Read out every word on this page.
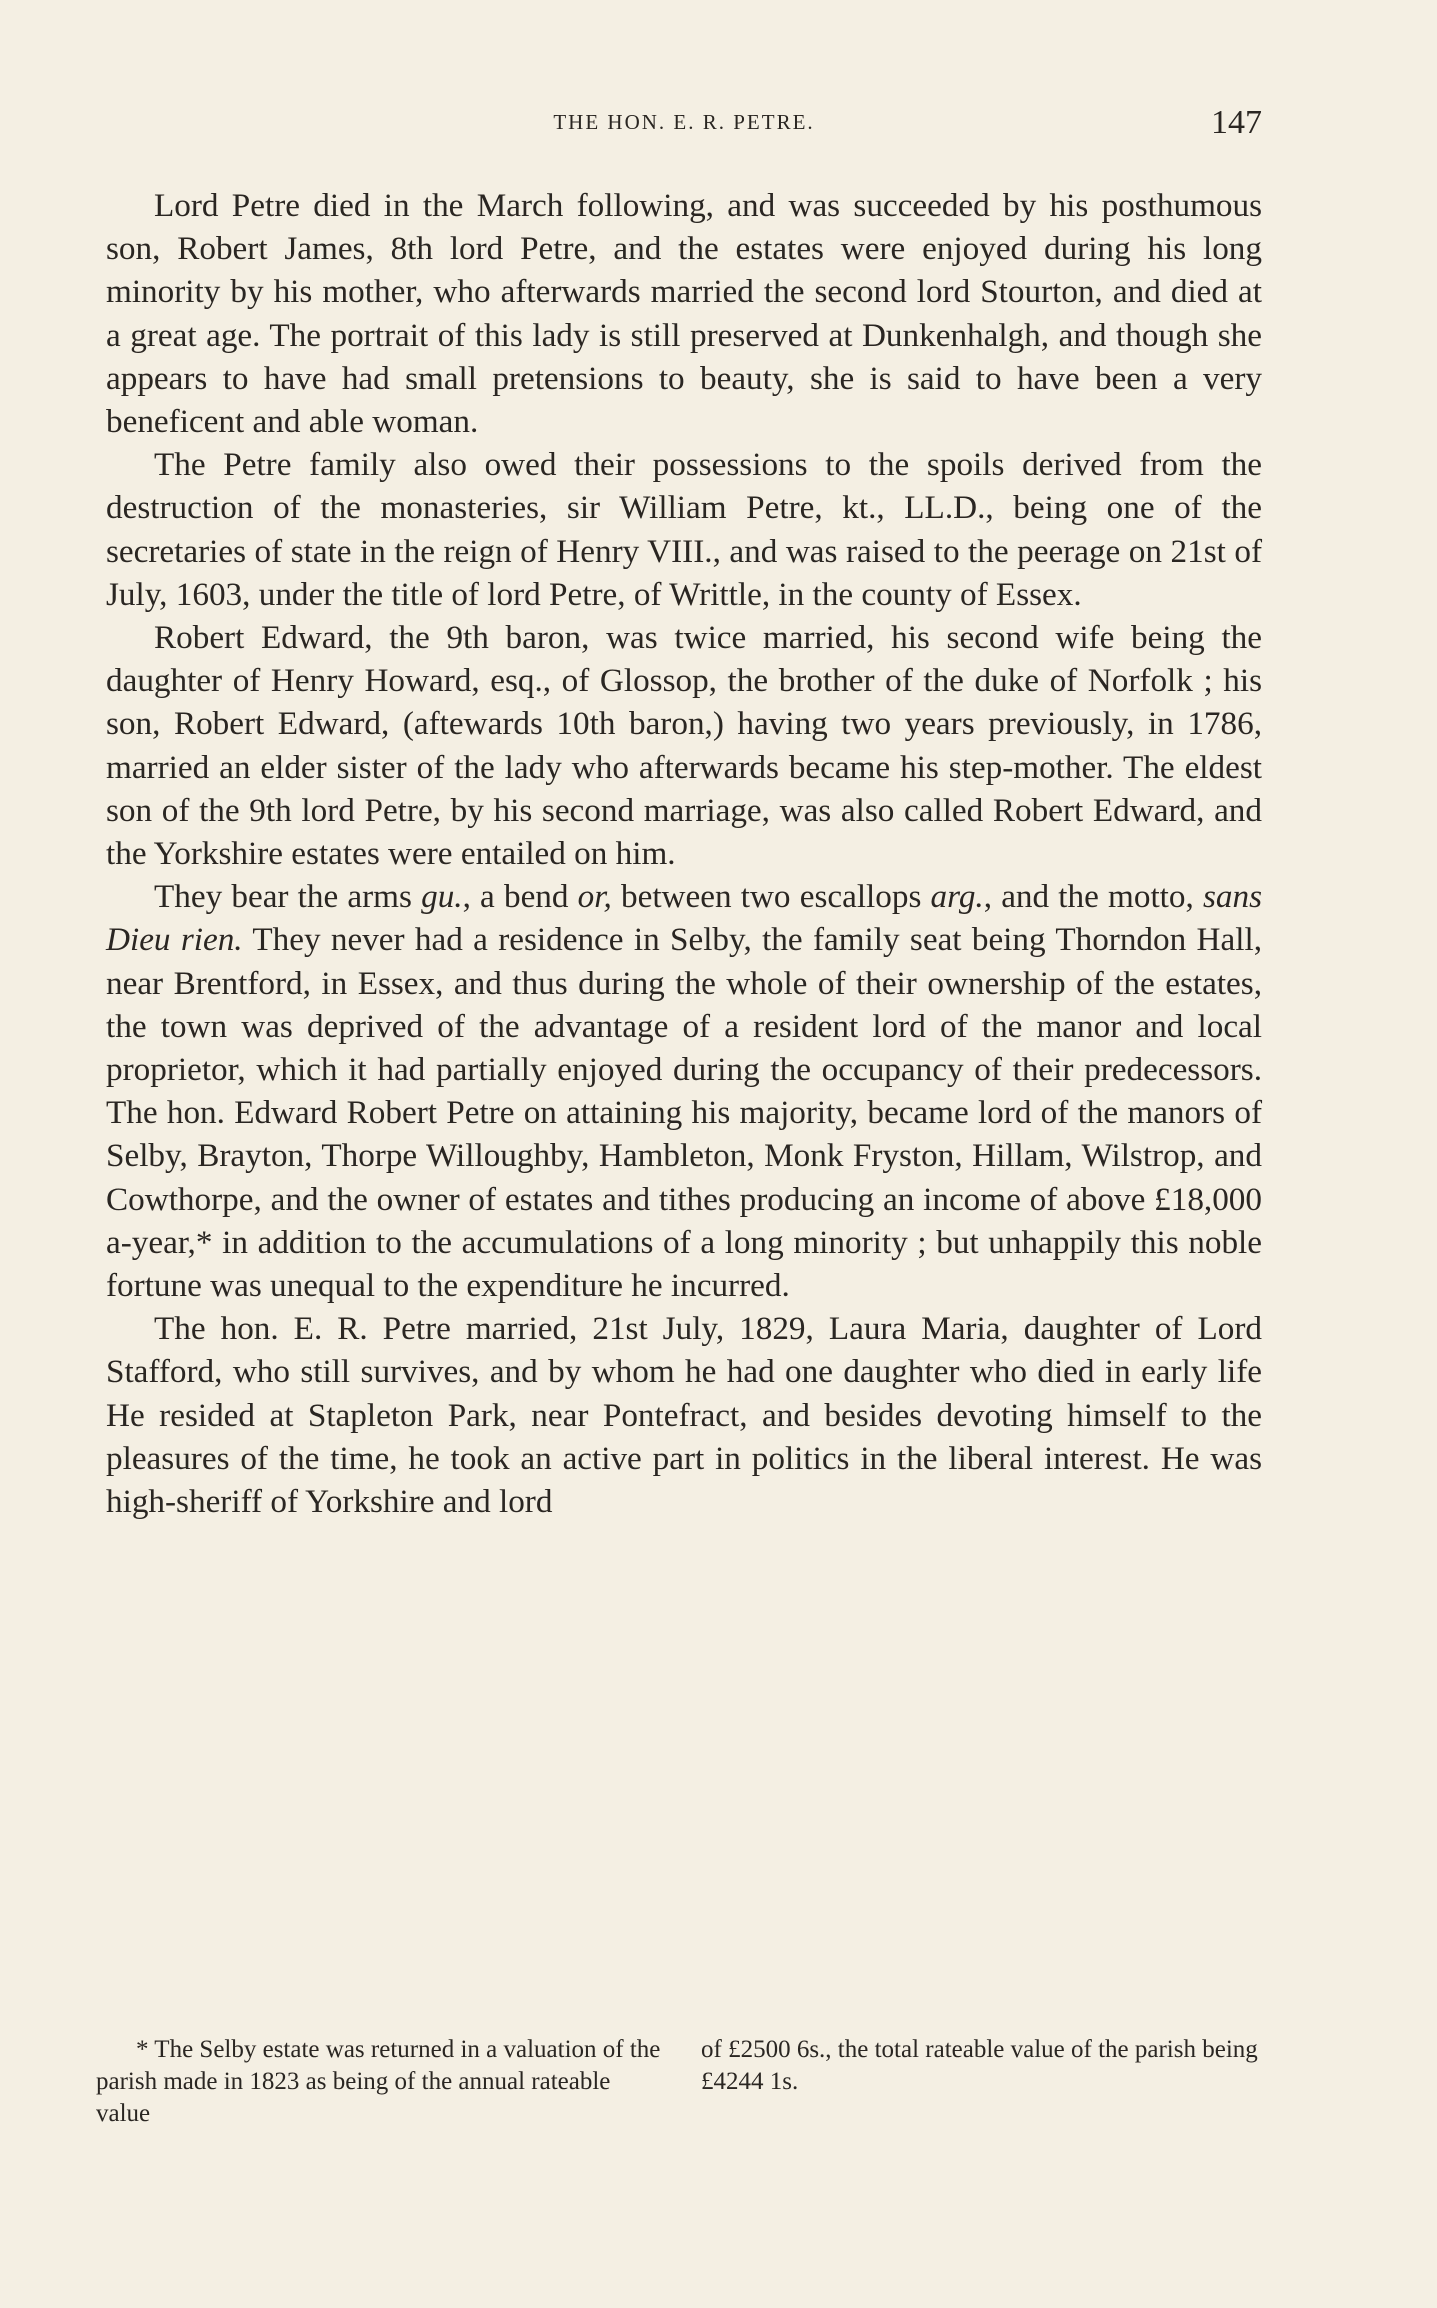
THE HON. E. R. PETRE.	147

Lord Petre died in the March following, and was succeeded by his posthumous son, Robert James, 8th lord Petre, and the estates were enjoyed during his long minority by his mother, who afterwards married the second lord Stourton, and died at a great age. The portrait of this lady is still preserved at Dunkenhalgh, and though she appears to have had small pretensions to beauty, she is said to have been a very beneficent and able woman.

The Petre family also owed their possessions to the spoils derived from the destruction of the monasteries, sir William Petre, kt., LL.D., being one of the secretaries of state in the reign of Henry VIII., and was raised to the peerage on 21st of July, 1603, under the title of lord Petre, of Writtle, in the county of Essex.

Robert Edward, the 9th baron, was twice married, his second wife being the daughter of Henry Howard, esq., of Glossop, the brother of the duke of Norfolk ; his son, Robert Edward, (aftewards 10th baron,) having two years previously, in 1786, married an elder sister of the lady who afterwards became his step-mother. The eldest son of the 9th lord Petre, by his second marriage, was also called Robert Edward, and the Yorkshire estates were entailed on him.

They bear the arms gu., a bend or, between two escallops arg., and the motto, sans Dieu rien. They never had a residence in Selby, the family seat being Thorndon Hall, near Brentford, in Essex, and thus during the whole of their ownership of the estates, the town was deprived of the advantage of a resident lord of the manor and local proprietor, which it had partially enjoyed during the occupancy of their predecessors. The hon. Edward Robert Petre on attaining his majority, became lord of the manors of Selby, Brayton, Thorpe Willoughby, Hambleton, Monk Fryston, Hillam, Wilstrop, and Cowthorpe, and the owner of estates and tithes producing an income of above £18,000 a-year,* in addition to the accumulations of a long minority ; but unhappily this noble fortune was unequal to the expenditure he incurred.

The hon. E. R. Petre married, 21st July, 1829, Laura Maria, daughter of Lord Stafford, who still survives, and by whom he had one daughter who died in early life He resided at Stapleton Park, near Pontefract, and besides devoting himself to the pleasures of the time, he took an active part in politics in the liberal interest. He was high-sheriff of Yorkshire and lord

* The Selby estate was returned in a valuation of the parish made in 1823 as being of the annual rateable value
of £2500 6s., the total rateable value of the parish being £4244 1s.
